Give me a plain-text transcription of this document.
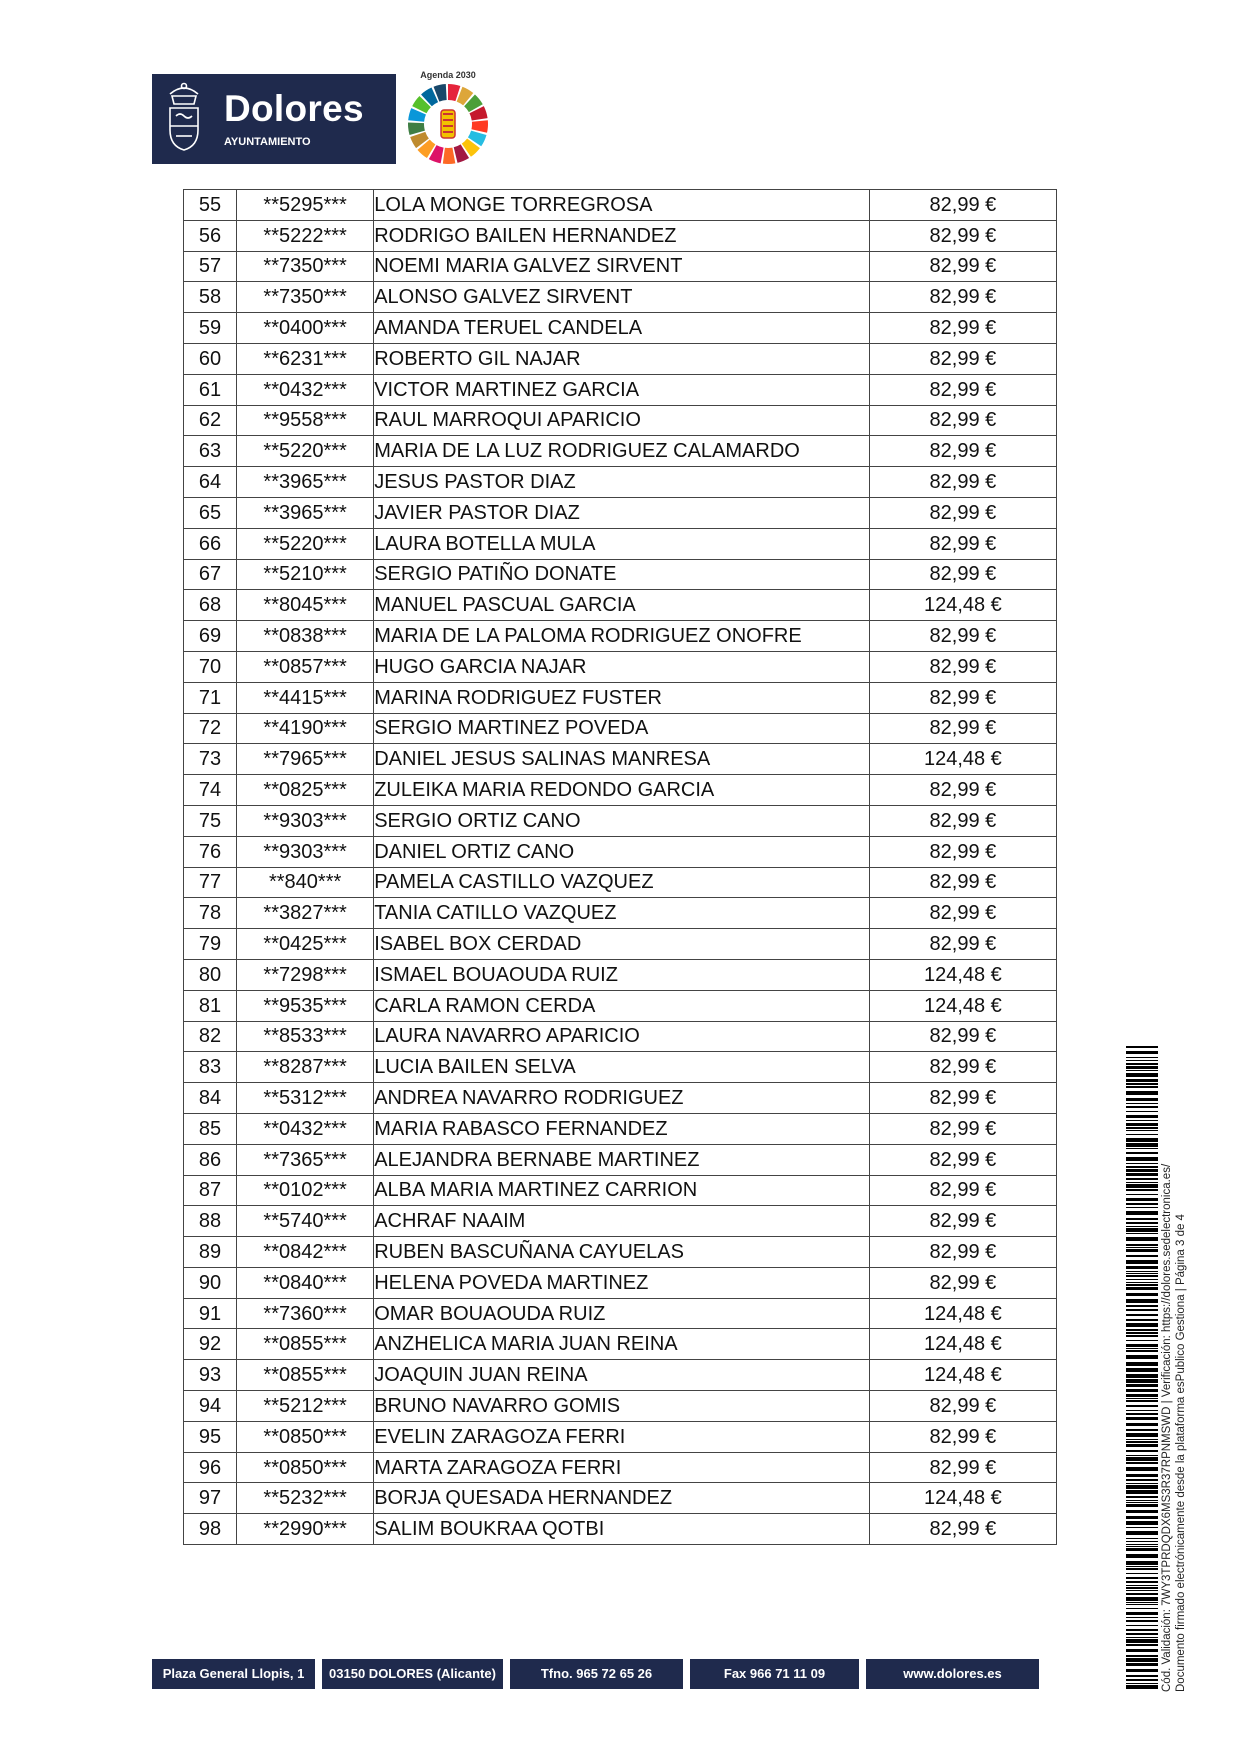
Dolores
AYUNTAMIENTO
Agenda 2030
55	**5295***	LOLA MONGE TORREGROSA	82,99 €
56	**5222***	RODRIGO BAILEN HERNANDEZ	82,99 €
57	**7350***	NOEMI MARIA GALVEZ SIRVENT	82,99 €
58	**7350***	ALONSO GALVEZ SIRVENT	82,99 €
59	**0400***	AMANDA TERUEL CANDELA	82,99 €
60	**6231***	ROBERTO GIL NAJAR	82,99 €
61	**0432***	VICTOR MARTINEZ GARCIA	82,99 €
62	**9558***	RAUL MARROQUI APARICIO	82,99 €
63	**5220***	MARIA DE LA LUZ RODRIGUEZ CALAMARDO	82,99 €
64	**3965***	JESUS PASTOR DIAZ	82,99 €
65	**3965***	JAVIER PASTOR DIAZ	82,99 €
66	**5220***	LAURA BOTELLA MULA	82,99 €
67	**5210***	SERGIO PATIÑO DONATE	82,99 €
68	**8045***	MANUEL PASCUAL GARCIA	124,48 €
69	**0838***	MARIA DE LA PALOMA RODRIGUEZ ONOFRE	82,99 €
70	**0857***	HUGO GARCIA NAJAR	82,99 €
71	**4415***	MARINA RODRIGUEZ FUSTER	82,99 €
72	**4190***	SERGIO MARTINEZ POVEDA	82,99 €
73	**7965***	DANIEL JESUS SALINAS MANRESA	124,48 €
74	**0825***	ZULEIKA MARIA REDONDO GARCIA	82,99 €
75	**9303***	SERGIO ORTIZ CANO	82,99 €
76	**9303***	DANIEL ORTIZ CANO	82,99 €
77	**840***	PAMELA CASTILLO VAZQUEZ	82,99 €
78	**3827***	TANIA CATILLO VAZQUEZ	82,99 €
79	**0425***	ISABEL BOX CERDAD	82,99 €
80	**7298***	ISMAEL BOUAOUDA RUIZ	124,48 €
81	**9535***	CARLA RAMON CERDA	124,48 €
82	**8533***	LAURA NAVARRO APARICIO	82,99 €
83	**8287***	LUCIA BAILEN SELVA	82,99 €
84	**5312***	ANDREA NAVARRO RODRIGUEZ	82,99 €
85	**0432***	MARIA RABASCO FERNANDEZ	82,99 €
86	**7365***	ALEJANDRA BERNABE MARTINEZ	82,99 €
87	**0102***	ALBA MARIA MARTINEZ CARRION	82,99 €
88	**5740***	ACHRAF NAAIM	82,99 €
89	**0842***	RUBEN BASCUÑANA CAYUELAS	82,99 €
90	**0840***	HELENA POVEDA MARTINEZ	82,99 €
91	**7360***	OMAR BOUAOUDA RUIZ	124,48 €
92	**0855***	ANZHELICA MARIA JUAN REINA	124,48 €
93	**0855***	JOAQUIN JUAN REINA	124,48 €
94	**5212***	BRUNO NAVARRO GOMIS	82,99 €
95	**0850***	EVELIN ZARAGOZA FERRI	82,99 €
96	**0850***	MARTA ZARAGOZA FERRI	82,99 €
97	**5232***	BORJA QUESADA HERNANDEZ	124,48 €
98	**2990***	SALIM BOUKRAA QOTBI	82,99 €
Plaza General Llopis, 1	03150 DOLORES (Alicante)	Tfno. 965 72 65 26	Fax 966 71 11 09	www.dolores.es	Cód. Validación: 7WY3TPRDQDX6MS3R37RPNMSWD | Verificación: https://dolores.sedelectronica.es/ Documento firmado electrónicamente desde la plataforma esPublico Gestiona | Página 3 de 4
